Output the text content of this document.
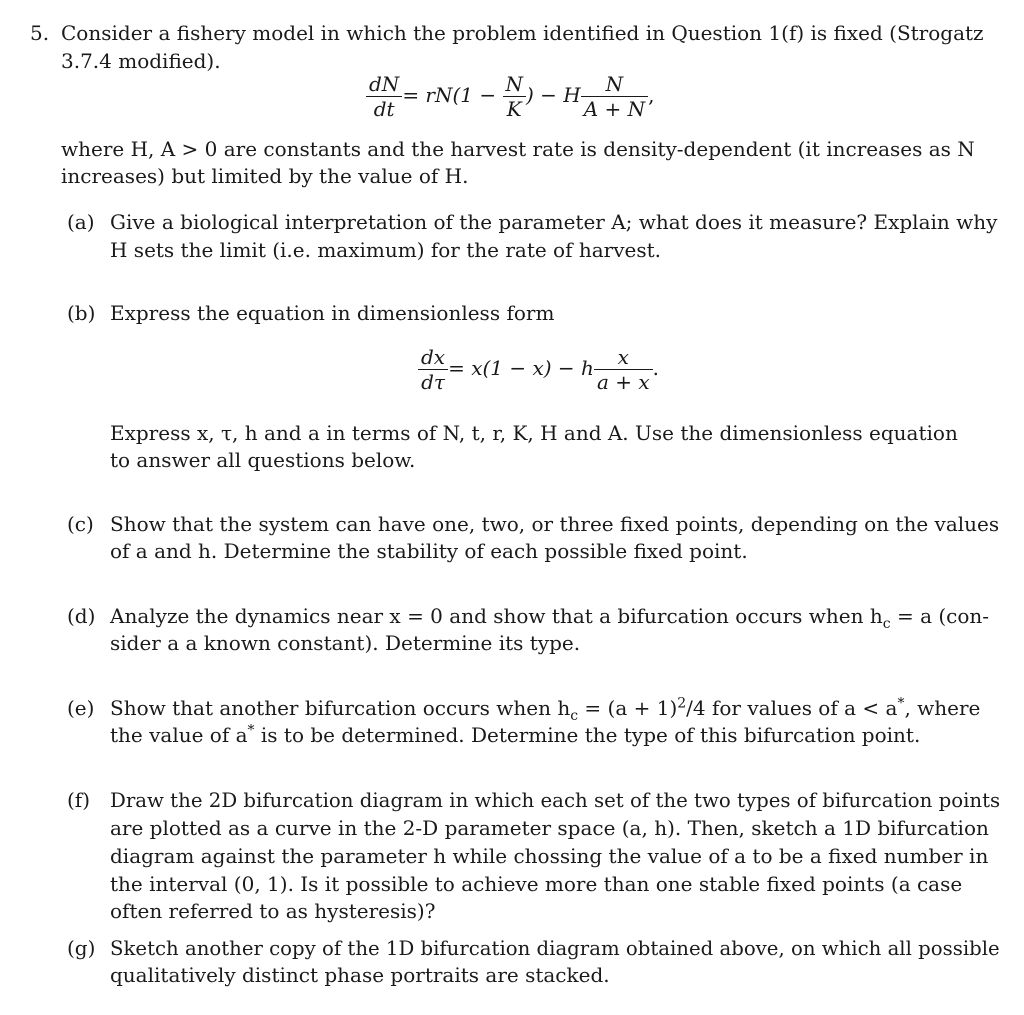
5. Consider a fishery model in which the problem identified in Question 1(f) is fixed (Strogatz
3.7.4 modified).
$\frac{dN}{dt} = rN(1 - \frac{N}{K}$ ) − H $\frac{N}{A + N}$ ,
where H, A > 0 are constants and the harvest rate is density-dependent (it increases as N
increases) but limited by the value of H.
(a) Give a biological interpretation of the parameter A; what does it measure? Explain why
H sets the limit (i.e. maximum) for the rate of harvest.
(b) Express the equation in dimensionless form
$\frac{dx}{d\tau} = x(1 - x) - h \frac{x}{a + x}$ .
Express x, τ, h and a in terms of N, t, r, K, H and A. Use the dimensionless equation
to answer all questions below.
(c) Show that the system can have one, two, or three fixed points, depending on the values
of a and h. Determine the stability of each possible fixed point.
(d) Analyze the dynamics near x = 0 and show that a bifurcation occurs when $h_c = a$ (con-
sider a a known constant). Determine its type.
(e) Show that another bifurcation occurs when $h_c = (a + 1)^2/4$ for values of a < a*, where
the value of a* is to be determined. Determine the type of this bifurcation point.
(f) Draw the 2D bifurcation diagram in which each set of the two types of bifurcation points
are plotted as a curve in the 2-D parameter space (a, h). Then, sketch a 1D bifurcation
diagram against the parameter h while chossing the value of a to be a fixed number in
the interval (0, 1). Is it possible to achieve more than one stable fixed points (a case
often referred to as hysteresis)?
(g) Sketch another copy of the 1D bifurcation diagram obtained above, on which all possible
qualitatively distinct phase portraits are stacked.
